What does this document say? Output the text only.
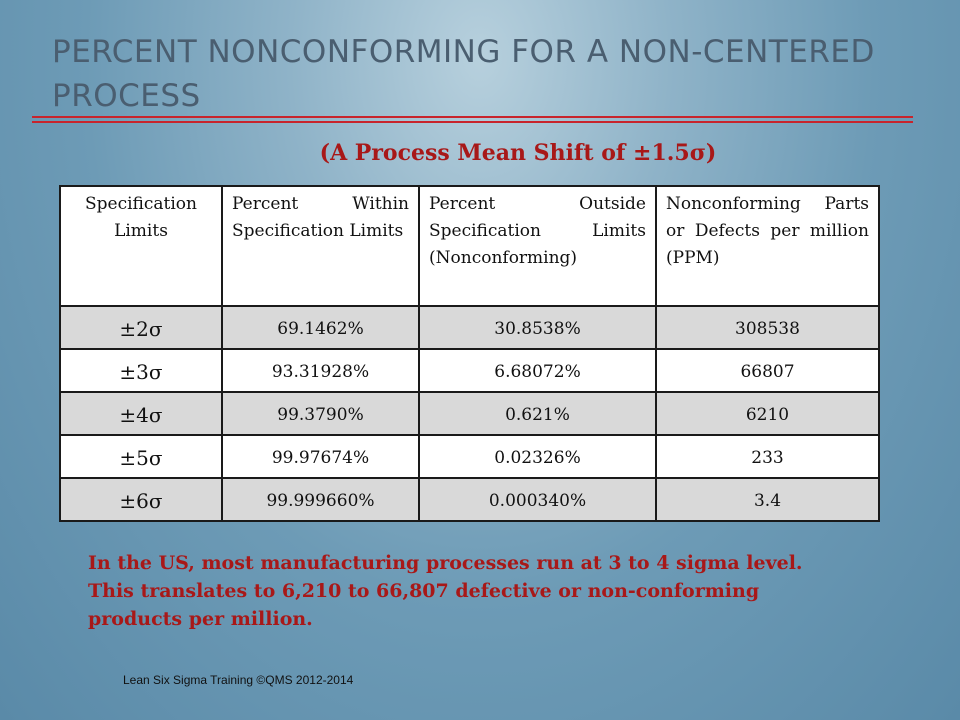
PERCENT NONCONFORMING FOR A NON-CENTERED PROCESS
(A Process Mean Shift of ±1.5σ)
Specification Limits	Percent Within Specification Limits	Percent Outside Specification Limits (Nonconforming)	Nonconforming Parts or Defects per million (PPM)
±2σ	69.1462%	30.8538%	308538
±3σ	93.31928%	6.68072%	66807
±4σ	99.3790%	0.621%	6210
±5σ	99.97674%	0.02326%	233
±6σ	99.999660%	0.000340%	3.4
In the US, most manufacturing processes run at 3 to 4 sigma level.
This translates to 6,210 to 66,807 defective or non-conforming
products per million.
Lean Six Sigma Training ©QMS 2012-2014
